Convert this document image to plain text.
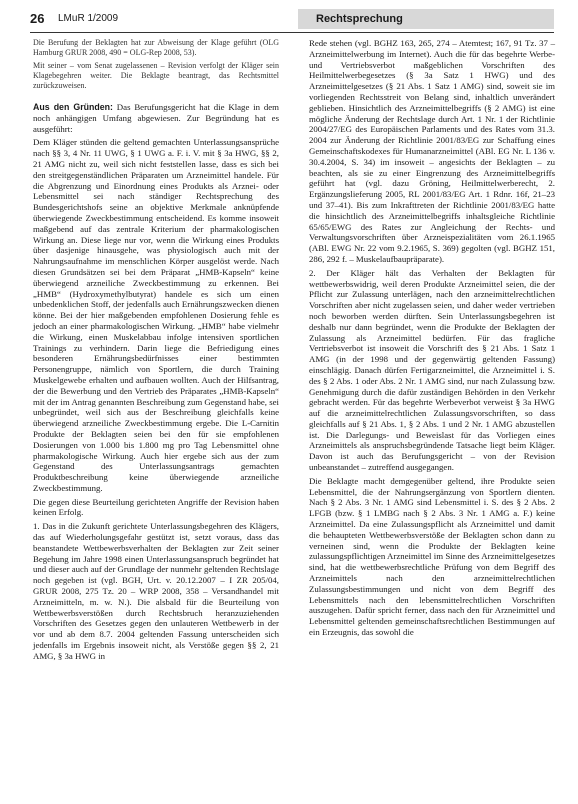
26 LMuR 1/2009	Rechtsprechung

Die Berufung der Beklagten hat zur Abweisung der Klage geführt (OLG Hamburg GRUR 2008, 490 = OLG-Rep 2008, 53).

Mit seiner – vom Senat zugelassenen – Revision verfolgt der Kläger sein Klagebegehren weiter. Die Beklagte beantragt, das Rechtsmittel zurückzuweisen.

Aus den Gründen: Das Berufungsgericht hat die Klage in dem noch anhängigen Umfang abgewiesen. Zur Begründung hat es ausgeführt:

Dem Kläger stünden die geltend gemachten Unterlassungsansprüche nach §§ 3, 4 Nr. 11 UWG, § 1 UWG a. F. i. V. mit § 3a HWG, §§ 2, 21 AMG nicht zu, weil sich nicht feststellen lasse, dass es sich bei den streitgegenständlichen Präparaten um Arzneimittel handele. Für die Abgrenzung und Einordnung eines Produkts als Arznei- oder Lebensmittel sei nach ständiger Rechtsprechung des Bundesgerichtshofs seine an objektive Merkmale anknüpfende überwiegende Zweckbestimmung entscheidend. Es komme insoweit maßgebend auf das zentrale Kriterium der pharmakologischen Wirkung an. Diese liege nur vor, wenn die Wirkung eines Produkts über dasjenige hinausgehe, was physiologisch auch mit der Nahrungsaufnahme im menschlichen Körper ausgelöst werde. Nach diesen Grundsätzen sei bei dem Präparat „HMB-Kapseln“ keine überwiegend arzneiliche Zweckbestimmung zu erkennen. Bei „HMB“ (Hydroxymethylbutyrat) handele es sich um einen unbedenklichen Stoff, der jedenfalls auch Ernährungszwecken dienen könne. Bei der hier maßgebenden empfohlenen Dosierung fehle es jedoch an einer pharmakologischen Wirkung. „HMB“ habe vielmehr die Wirkung, einen Muskelabbau infolge intensiven sportlichen Trainings zu verhindern. Darin liege die Befriedigung eines besonderen Ernährungsbedürfnisses einer bestimmten Personengruppe, nämlich von Sportlern, die durch Training Muskelgewebe erhalten und aufbauen wollten. Auch der Hilfsantrag, der die Bewerbung und den Vertrieb des Präparates „HMB-Kapseln“ mit der im Antrag genannten Beschreibung zum Gegenstand habe, sei unbegründet, weil sich aus der Beschreibung gleichfalls keine überwiegend arzneiliche Zweckbestimmung ergebe. Die L-Carnitin Produkte der Beklagten seien bei den für sie empfohlenen Dosierungen von 1.000 bis 1.800 mg pro Tag Lebensmittel ohne pharmakologische Wirkung. Auch hier ergebe sich aus der zum Gegenstand des Unterlassungsantrags gemachten Produktbeschreibung keine überwiegende arzneiliche Zweckbestimmung.

Die gegen diese Beurteilung gerichteten Angriffe der Revision haben keinen Erfolg.

1. Das in die Zukunft gerichtete Unterlassungsbegehren des Klägers, das auf Wiederholungsgefahr gestützt ist, setzt voraus, dass das beanstandete Wettbewerbsverhalten der Beklagten zur Zeit seiner Begehung im Jahre 1998 einen Unterlassungsanspruch begründet hat und dieser auch auf der Grundlage der nunmehr geltenden Rechtslage noch gegeben ist (vgl. BGH, Urt. v. 20.12.2007 – I ZR 205/04, GRUR 2008, 275 Tz. 20 – WRP 2008, 358 – Versandhandel mit Arzneimitteln, m. w. N.). Die alsbald für die Beurteilung von Wettbewerbsverstößen durch Rechtsbruch heranzuziehenden Vorschriften des Gesetzes gegen den unlauteren Wettbewerb in der vor und ab dem 8.7. 2004 geltenden Fassung unterscheiden sich jedenfalls im Ergebnis insoweit nicht, als Verstöße gegen §§ 2, 21 AMG, § 3a HWG in

Rede stehen (vgl. BGHZ 163, 265, 274 – Atemtest; 167, 91 Tz. 37 – Arzneimittelwerbung im Internet). Auch die für das begehrte Werbe- und Vertriebsverbot maßgeblichen Vorschriften des Heilmittelwerbegesetzes (§ 3a Satz 1 HWG) und des Arzneimittelgesetzes (§ 21 Abs. 1 Satz 1 AMG) sind, soweit sie im vorliegenden Rechtsstreit von Belang sind, inhaltlich unverändert geblieben. Hinsichtlich des Arzneimittelbegriffs (§ 2 AMG) ist eine mögliche Änderung der Rechtslage durch Art. 1 Nr. 1 der Richtlinie 2004/27/EG des Europäischen Parlaments und des Rates vom 31.3. 2004 zur Änderung der Richtlinie 2001/83/EG zur Schaffung eines Gemeinschaftskodexes für Humanarzneimittel (ABl. EG Nr. L 136 v. 30.4.2004, S. 34) im insoweit – angesichts der Beklagten – zu beachten, als sie zu einer Eingrenzung des Arzneimittelbegriffs geführt hat (vgl. dazu Gröning, Heilmittelwerberecht, 2. Ergänzungslieferung 2005, RL 2001/83/EG Art. 1 Rdnr. 16f, 21–23 und 37–41). Bis zum Inkrafttreten der Richtlinie 2001/83/EG hatte die hinsichtlich des Arzneimittelbegriffs inhaltsgleiche Richtlinie 65/65/EWG des Rates zur Angleichung der Rechts- und Verwaltungsvorschriften über Arzneispezialitäten vom 26.1.1965 (ABl. EWG Nr. 22 vom 9.2.1965, S. 369) gegolten (vgl. BGHZ 151, 286, 292 f. – Muskelaufbaupräparate).

2. Der Kläger hält das Verhalten der Beklagten für wettbewerbswidrig, weil deren Produkte Arzneimittel seien, die der Pflicht zur Zulassung unterlägen, nach den arzneimittelrechtlichen Vorschriften aber nicht zugelassen seien, und daher weder vertrieben noch beworben werden dürften. Sein Unterlassungsbegehren ist deshalb nur dann begründet, wenn die Produkte der Beklagten der Zulassung als Arzneimittel bedürfen. Für das fragliche Vertriebsverbot ist insoweit die Vorschrift des § 21 Abs. 1 Satz 1 AMG (in der 1998 und der gegenwärtig geltenden Fassung) einschlägig. Danach dürfen Fertigarzneimittel, die Arzneimittel i. S. des § 2 Abs. 1 oder Abs. 2 Nr. 1 AMG sind, nur nach Zulassung bzw. Genehmigung durch die dafür zuständigen Behörden in den Verkehr gebracht werden. Für das begehrte Werbeverbot verweist § 3a HWG auf die arzneimittelrechtlichen Zulassungsvorschriften, so dass gleichfalls auf § 21 Abs. 1, § 2 Abs. 1 und 2 Nr. 1 AMG abzustellen ist. Die Darlegungs- und Beweislast für das Vorliegen eines Arzneimittels als anspruchsbegründende Tatsache liegt beim Kläger. Davon ist auch das Berufungsgericht – von der Revision unbeanstandet – zutreffend ausgegangen.

Die Beklagte macht demgegenüber geltend, ihre Produkte seien Lebensmittel, die der Nahrungsergänzung von Sportlern dienten. Nach § 2 Abs. 3 Nr. 1 AMG sind Lebensmittel i. S. des § 2 Abs. 2 LFGB (bzw. § 1 LMBG nach § 2 Abs. 3 Nr. 1 AMG a. F.) keine Arzneimittel. Da eine Zulassungspflicht als Arzneimittel und damit die behaupteten Wettbewerbsverstöße der Beklagten schon dann zu verneinen sind, wenn die Produkte der Beklagten keine zulassungspflichtigen Arzneimittel im Sinne des Arzneimittelgesetzes sind, hat die wettbewerbsrechtliche Prüfung von dem Begriff des Arzneimittels nach den arzneimittelrechtlichen Zulassungsbestimmungen und nicht von dem Begriff des Lebensmittels nach den lebensmittelrechtlichen Vorschriften auszugehen. Dafür spricht ferner, dass nach den für Arzneimittel und Lebensmittel geltenden gemeinschaftsrechtlichen Bestimmungen auf ein Erzeugnis, das sowohl die
